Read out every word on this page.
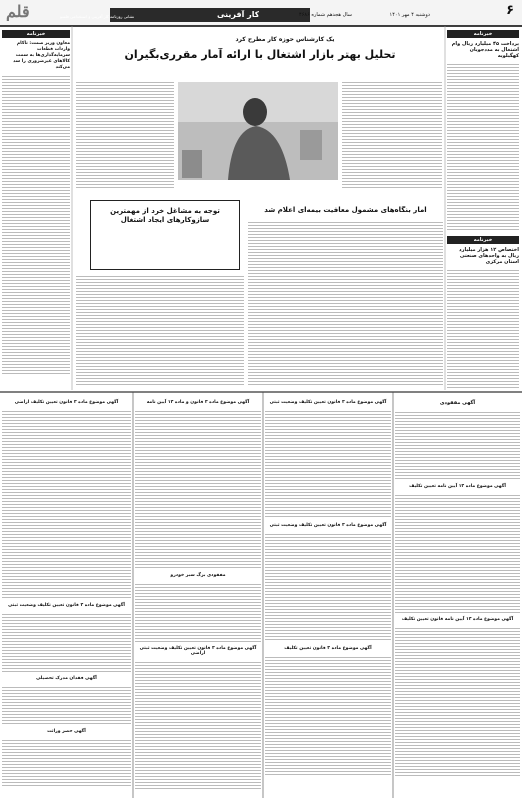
۶
سال هجدهم شماره ۴۶۸۶	دوشنبه ۴ مهر ۱۴۰۱
کار آفرینی
نشانی روزنامه کار آفرینی و استخدامی فلسو
قلم
خبرنامه
پرداخت ۴۵ میلیارد ریال وام اشتغال به مددجویان کهگیلویه
خبرنامه
اختصاص ۱۲ هزار میلیارد ریال به واحدهای صنعتی استان مرکزی
خبرنامه
معاون وزیر صمت: ناکام واردات قطعات سرمایه‌گذاری‌ها به سمت کالاهای غیرضروری را سد می‌کند
یک کارشناس حوزه کار مطرح کرد
تحلیل بهتر بازار اشتغال با ارائه آمار مقرری‌بگیران
توجه به مشاغل خرد از مهمترین سازوکارهای ایجاد اشتغال
آمار بنگاه‌های مشمول معافیت بیمه‌ای اعلام شد
آگهی مفقودی
آگهی موضوع ماده ۱۳ آیین نامه تعیین تکلیف
آگهی موضوع ماده ۱۳ آیین نامه قانون تعیین تکلیف
آگهی موضوع ماده ۳ قانون تعیین تکلیف وضعیت ثبتی
آگهی موضوع ماده ۳ قانون تعیین تکلیف وضعیت ثبتی
آگهی موضوع ماده ۳ قانون تعیین تکلیف
آگهی موضوع ماده ۳ قانون و ماده ۱۳ آیین نامه
مفقودی برگ سبز خودرو
آگهی موضوع ماده ۳ قانون تعیین تکلیف وضعیت ثبتی اراضی
آگهی موضوع ماده ۳ قانون تعیین تکلیف اراضی
آگهی موضوع ماده ۳ قانون تعیین تکلیف وضعیت ثبتی
آگهی فقدان مدرک تحصیلی
آگهی حصر وراثت
